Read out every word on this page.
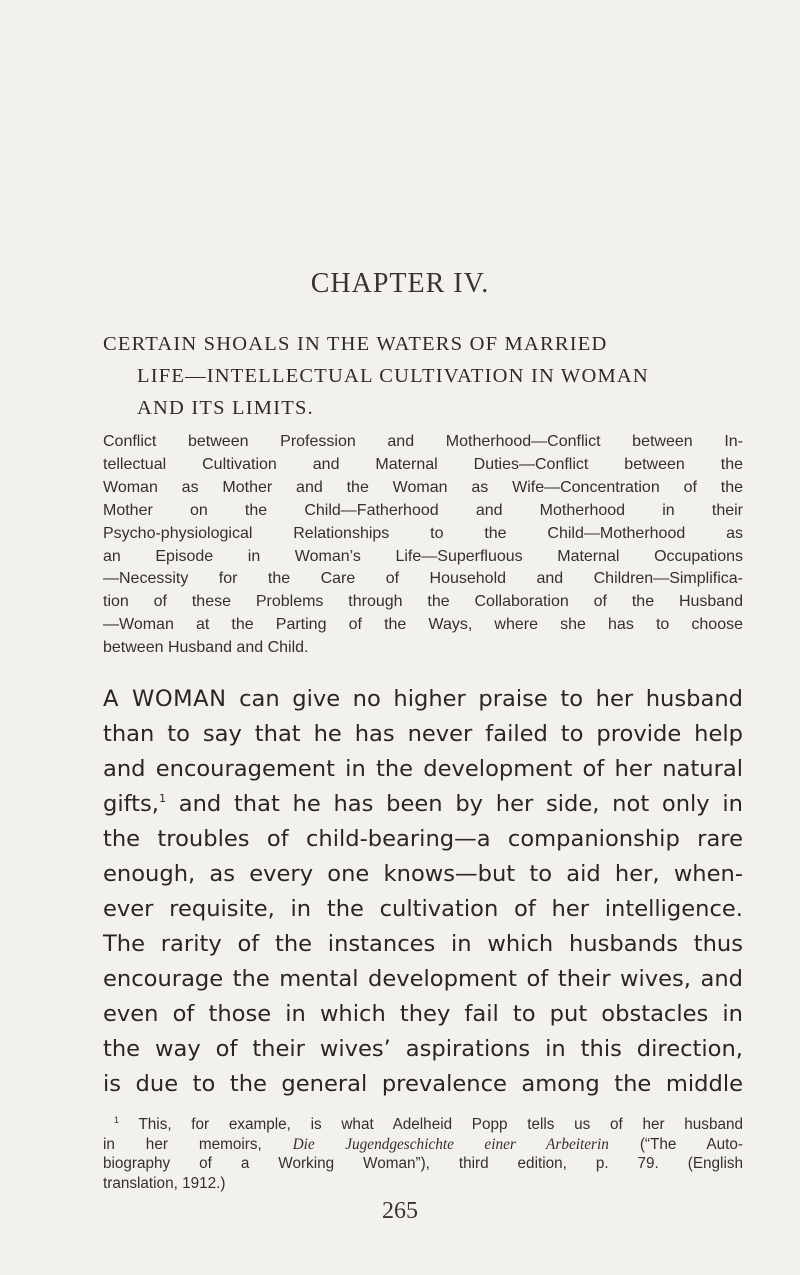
CHAPTER IV.
CERTAIN SHOALS IN THE WATERS OF MARRIED
LIFE—INTELLECTUAL CULTIVATION IN WOMAN
AND ITS LIMITS.
Conflict between Profession and Motherhood—Conflict between In-
tellectual Cultivation and Maternal Duties—Conflict between the
Woman as Mother and the Woman as Wife—Concentration of the
Mother on the Child—Fatherhood and Motherhood in their
Psycho-physiological Relationships to the Child—Motherhood as
an Episode in Woman’s Life—Superfluous Maternal Occupations
—Necessity for the Care of Household and Children—Simplifica-
tion of these Problems through the Collaboration of the Husband
—Woman at the Parting of the Ways, where she has to choose
between Husband and Child.
A WOMAN can give no higher praise to her husband
than to say that he has never failed to provide help
and encouragement in the development of her natural
gifts,$^1$ and that he has been by her side, not only in
the troubles of child-bearing—a companionship rare
enough, as every one knows—but to aid her, when-
ever requisite, in the cultivation of her intelligence.
The rarity of the instances in which husbands thus
encourage the mental development of their wives, and
even of those in which they fail to put obstacles in
the way of their wives’ aspirations in this direction,
is due to the general prevalence among the middle
$^1$ This, for example, is what Adelheid Popp tells us of her husband
in her memoirs, Die Jugendgeschichte einer Arbeiterin (“The Auto-
biography of a Working Woman”), third edition, p. 79. (English
translation, 1912.)
265
